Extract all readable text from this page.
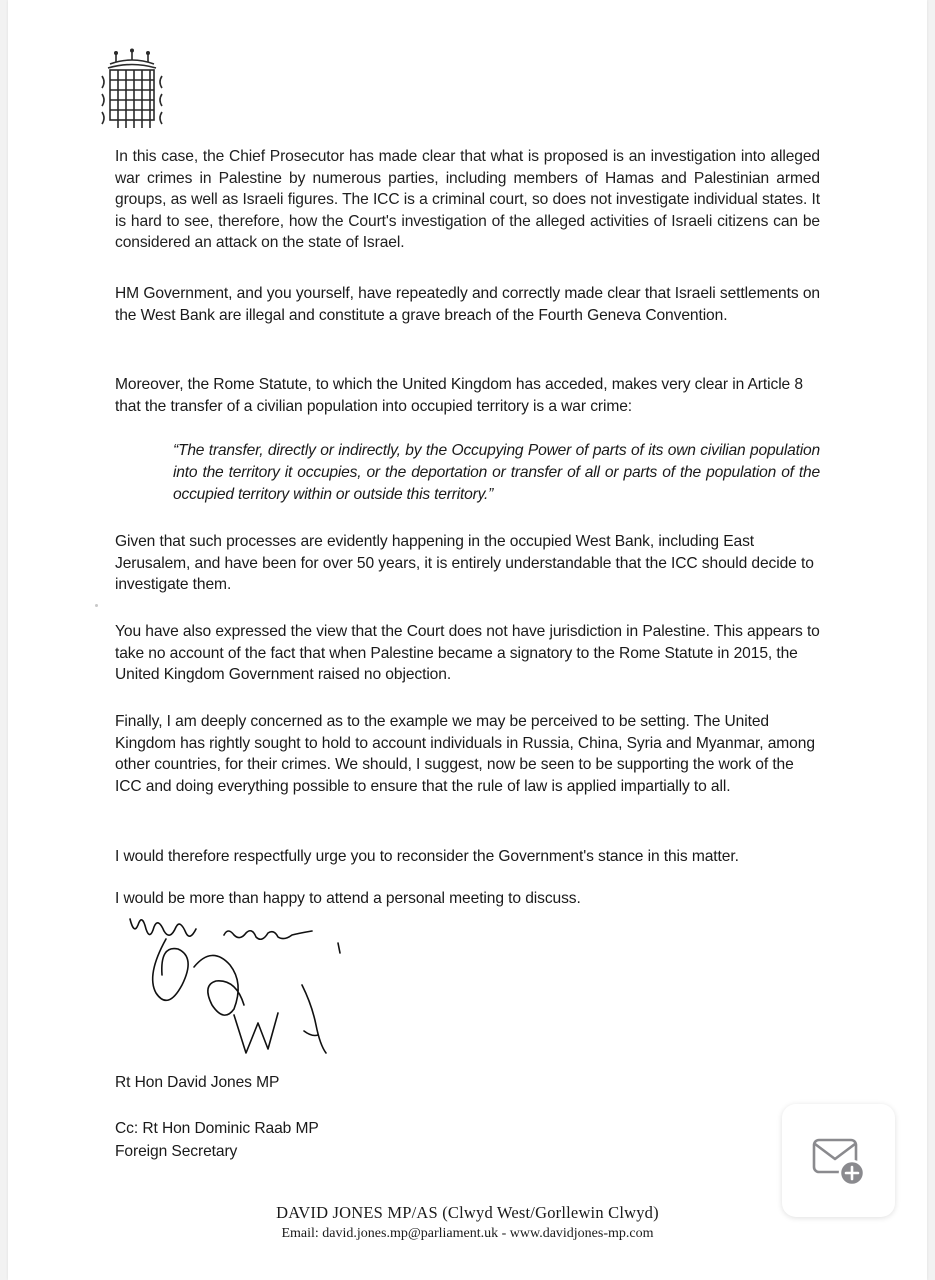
In this case, the Chief Prosecutor has made clear that what is proposed is an investigation into alleged war crimes in Palestine by numerous parties, including members of Hamas and Palestinian armed groups, as well as Israeli figures. The ICC is a criminal court, so does not investigate individual states. It is hard to see, therefore, how the Court's investigation of the alleged activities of Israeli citizens can be considered an attack on the state of Israel.
HM Government, and you yourself, have repeatedly and correctly made clear that Israeli settlements on the West Bank are illegal and constitute a grave breach of the Fourth Geneva Convention.
Moreover, the Rome Statute, to which the United Kingdom has acceded, makes very clear in Article 8 that the transfer of a civilian population into occupied territory is a war crime:
“The transfer, directly or indirectly, by the Occupying Power of parts of its own civilian population into the territory it occupies, or the deportation or transfer of all or parts of the population of the occupied territory within or outside this territory.”
Given that such processes are evidently happening in the occupied West Bank, including East Jerusalem, and have been for over 50 years, it is entirely understandable that the ICC should decide to investigate them.
You have also expressed the view that the Court does not have jurisdiction in Palestine. This appears to take no account of the fact that when Palestine became a signatory to the Rome Statute in 2015, the United Kingdom Government raised no objection.
Finally, I am deeply concerned as to the example we may be perceived to be setting. The United Kingdom has rightly sought to hold to account individuals in Russia, China, Syria and Myanmar, among other countries, for their crimes. We should, I suggest, now be seen to be supporting the work of the ICC and doing everything possible to ensure that the rule of law is applied impartially to all.
I would therefore respectfully urge you to reconsider the Government's stance in this matter.
I would be more than happy to attend a personal meeting to discuss.
Rt Hon David Jones MP
Cc: Rt Hon Dominic Raab MP
Foreign Secretary
DAVID JONES MP/AS (Clwyd West/Gorllewin Clwyd)
Email: david.jones.mp@parliament.uk - www.davidjones-mp.com
